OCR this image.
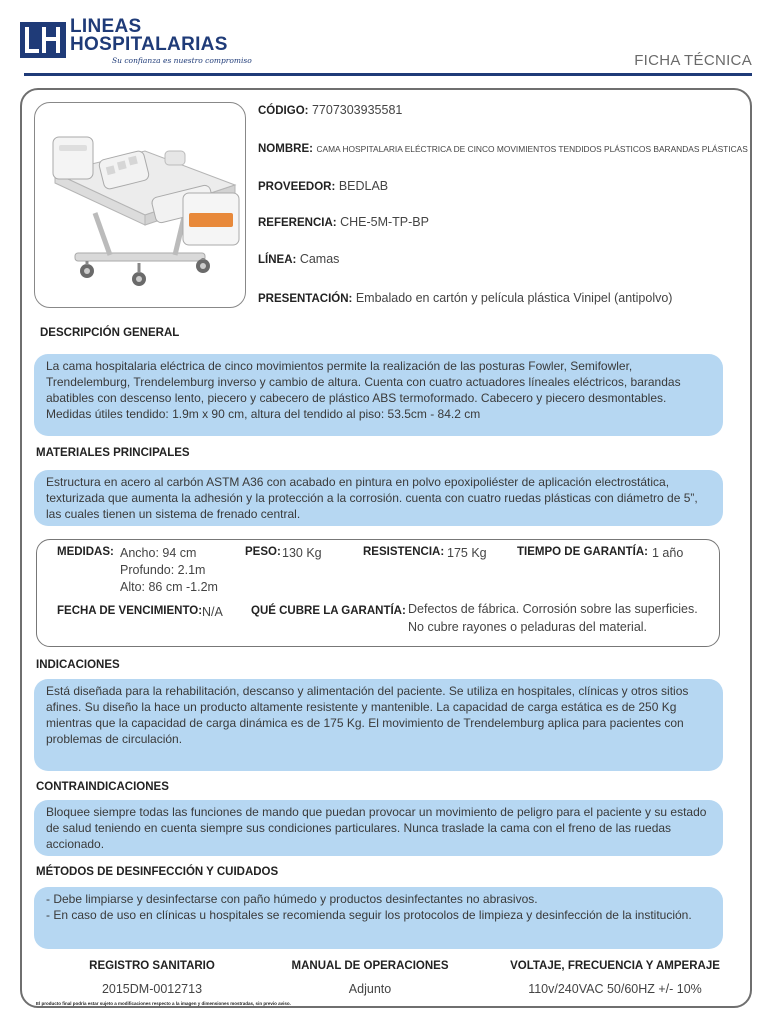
LINEAS
HOSPITALARIAS
Su confianza es nuestro compromiso	FICHA TÉCNICA
CÓDIGO: 7707303935581
NOMBRE: CAMA HOSPITALARIA ELÉCTRICA DE CINCO MOVIMIENTOS TENDIDOS PLÁSTICOS BARANDAS PLÁSTICAS
PROVEEDOR: BEDLAB
REFERENCIA: CHE-5M-TP-BP
LÍNEA: Camas
PRESENTACIÓN: Embalado en cartón y película plástica Vinipel (antipolvo)
DESCRIPCIÓN GENERAL
La cama hospitalaria eléctrica de cinco movimientos permite la realización de las posturas Fowler, Semifowler, Trendelemburg, Trendelemburg inverso y cambio de altura. Cuenta con cuatro actuadores líneales eléctricos, barandas abatibles con descenso lento, piecero y cabecero de plástico ABS termoformado. Cabecero y piecero desmontables. Medidas útiles tendido: 1.9m x 90 cm, altura del tendido al piso: 53.5cm - 84.2 cm
MATERIALES PRINCIPALES
Estructura en acero al carbón ASTM A36 con acabado en pintura en polvo epoxipoliéster de aplicación electrostática, texturizada que aumenta la adhesión y la protección a la corrosión. cuenta con cuatro ruedas plásticas con diámetro de 5”, las cuales tienen un sistema de frenado central.
MEDIDAS: Ancho: 94 cm
Profundo: 2.1m
Alto: 86 cm -1.2m
PESO: 130 Kg	RESISTENCIA: 175 Kg	TIEMPO DE GARANTÍA: 1 año
FECHA DE VENCIMIENTO: N/A QUÉ CUBRE LA GARANTÍA: Defectos de fábrica. Corrosión sobre las superficies.
No cubre rayones o peladuras del material.
INDICACIONES
Está diseñada para la rehabilitación, descanso y alimentación del paciente. Se utiliza en hospitales, clínicas y otros sitios afines. Su diseño la hace un producto altamente resistente y mantenible. La capacidad de carga estática es de 250 Kg mientras que la capacidad de carga dinámica es de 175 Kg. El movimiento de Trendelemburg aplica para pacientes con problemas de circulación.
CONTRAINDICACIONES
Bloquee siempre todas las funciones de mando que puedan provocar un movimiento de peligro para el paciente y su estado de salud teniendo en cuenta siempre sus condiciones particulares. Nunca traslade la cama con el freno de las ruedas accionado.
MÉTODOS DE DESINFECCIÓN Y CUIDADOS
- Debe limpiarse y desinfectarse con paño húmedo y productos desinfectantes no abrasivos.
- En caso de uso en clínicas u hospitales se recomienda seguir los protocolos de limpieza y desinfección de la institución.
REGISTRO SANITARIO
2015DM-0012713
MANUAL DE OPERACIONES
Adjunto
VOLTAJE, FRECUENCIA Y AMPERAJE
110v/240VAC 50/60HZ +/- 10%
El producto final podría estar sujeto a modificaciones respecto a la imagen y dimensiones mostradas, sin previo aviso.
